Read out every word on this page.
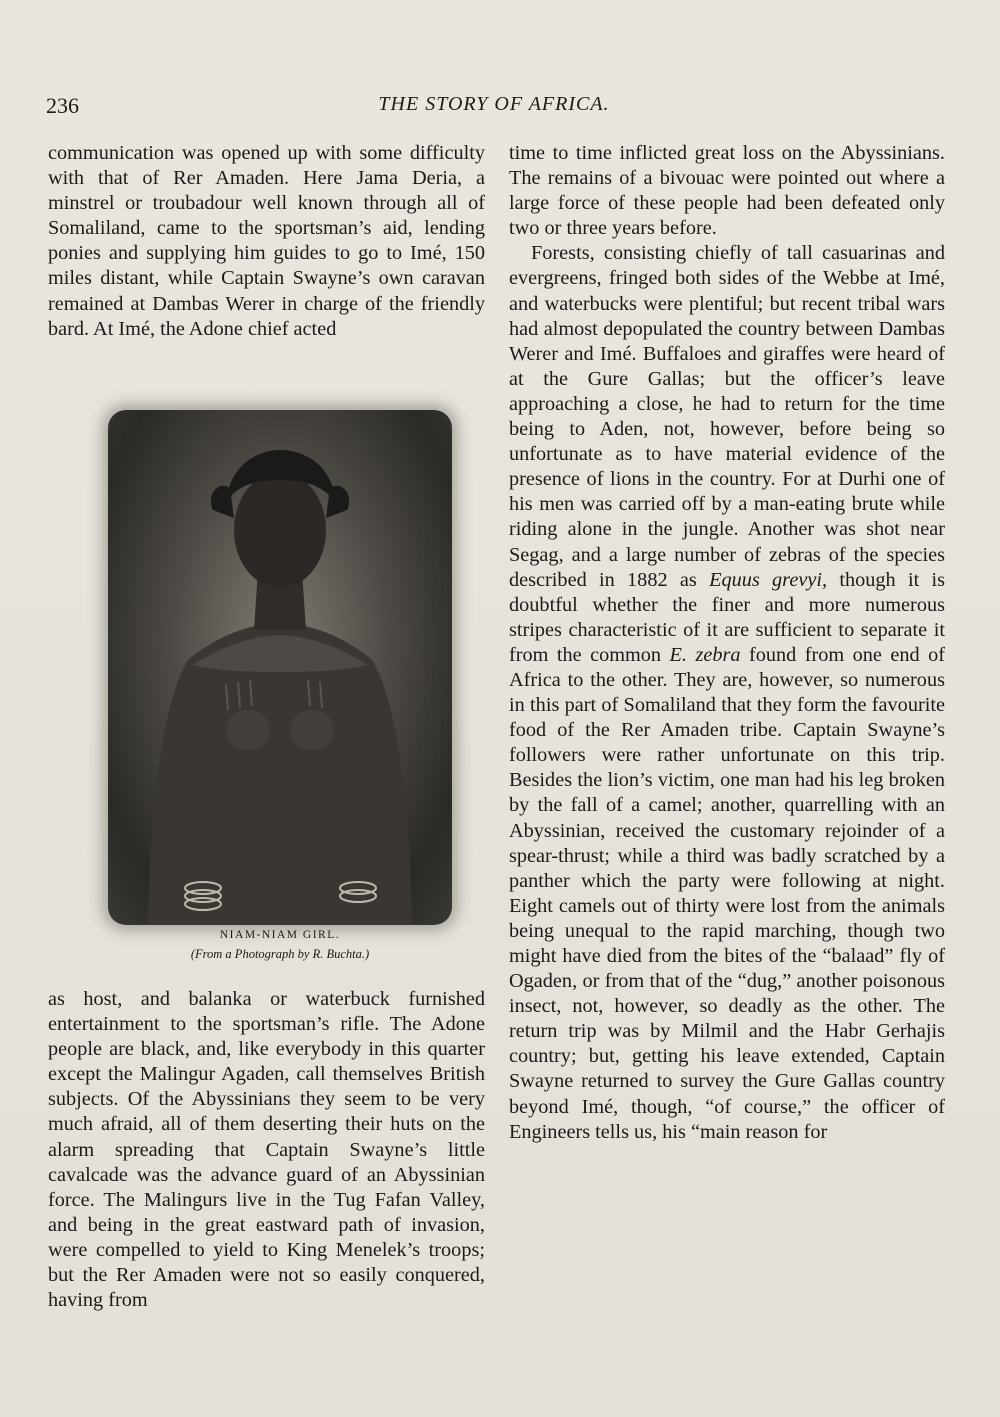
236	THE STORY OF AFRICA.

communication was opened up with some difficulty with that of Rer Amaden. Here Jama Deria, a minstrel or troubadour well known through all of Somaliland, came to the sportsman’s aid, lending ponies and supplying him guides to go to Imé, 150 miles distant, while Captain Swayne’s own caravan remained at Dambas Werer in charge of the friendly bard. At Imé, the Adone chief acted

NIAM-NIAM GIRL.
(From a Photograph by R. Buchta.)

as host, and balanka or waterbuck furnished entertainment to the sportsman’s rifle. The Adone people are black, and, like everybody in this quarter except the Malingur Agaden, call themselves British subjects. Of the Abyssinians they seem to be very much afraid, all of them deserting their huts on the alarm spreading that Captain Swayne’s little cavalcade was the advance guard of an Abyssinian force. The Malingurs live in the Tug Fafan Valley, and being in the great eastward path of invasion, were compelled to yield to King Menelek’s troops; but the Rer Amaden were not so easily conquered, having from

time to time inflicted great loss on the Abyssinians. The remains of a bivouac were pointed out where a large force of these people had been defeated only two or three years before.

Forests, consisting chiefly of tall casuarinas and evergreens, fringed both sides of the Webbe at Imé, and waterbucks were plentiful; but recent tribal wars had almost depopulated the country between Dambas Werer and Imé. Buffaloes and giraffes were heard of at the Gure Gallas; but the officer’s leave approaching a close, he had to return for the time being to Aden, not, however, before being so unfortunate as to have material evidence of the presence of lions in the country. For at Durhi one of his men was carried off by a man-eating brute while riding alone in the jungle. Another was shot near Segag, and a large number of zebras of the species described in 1882 as Equus grevyi, though it is doubtful whether the finer and more numerous stripes characteristic of it are sufficient to separate it from the common E. zebra found from one end of Africa to the other. They are, however, so numerous in this part of Somaliland that they form the favourite food of the Rer Amaden tribe. Captain Swayne’s followers were rather unfortunate on this trip. Besides the lion’s victim, one man had his leg broken by the fall of a camel; another, quarrelling with an Abyssinian, received the customary rejoinder of a spear-thrust; while a third was badly scratched by a panther which the party were following at night. Eight camels out of thirty were lost from the animals being unequal to the rapid marching, though two might have died from the bites of the “balaad” fly of Ogaden, or from that of the “dug,” another poisonous insect, not, however, so deadly as the other. The return trip was by Milmil and the Habr Gerhajis country; but, getting his leave extended, Captain Swayne returned to survey the Gure Gallas country beyond Imé, though, “of course,” the officer of Engineers tells us, his “main reason for
